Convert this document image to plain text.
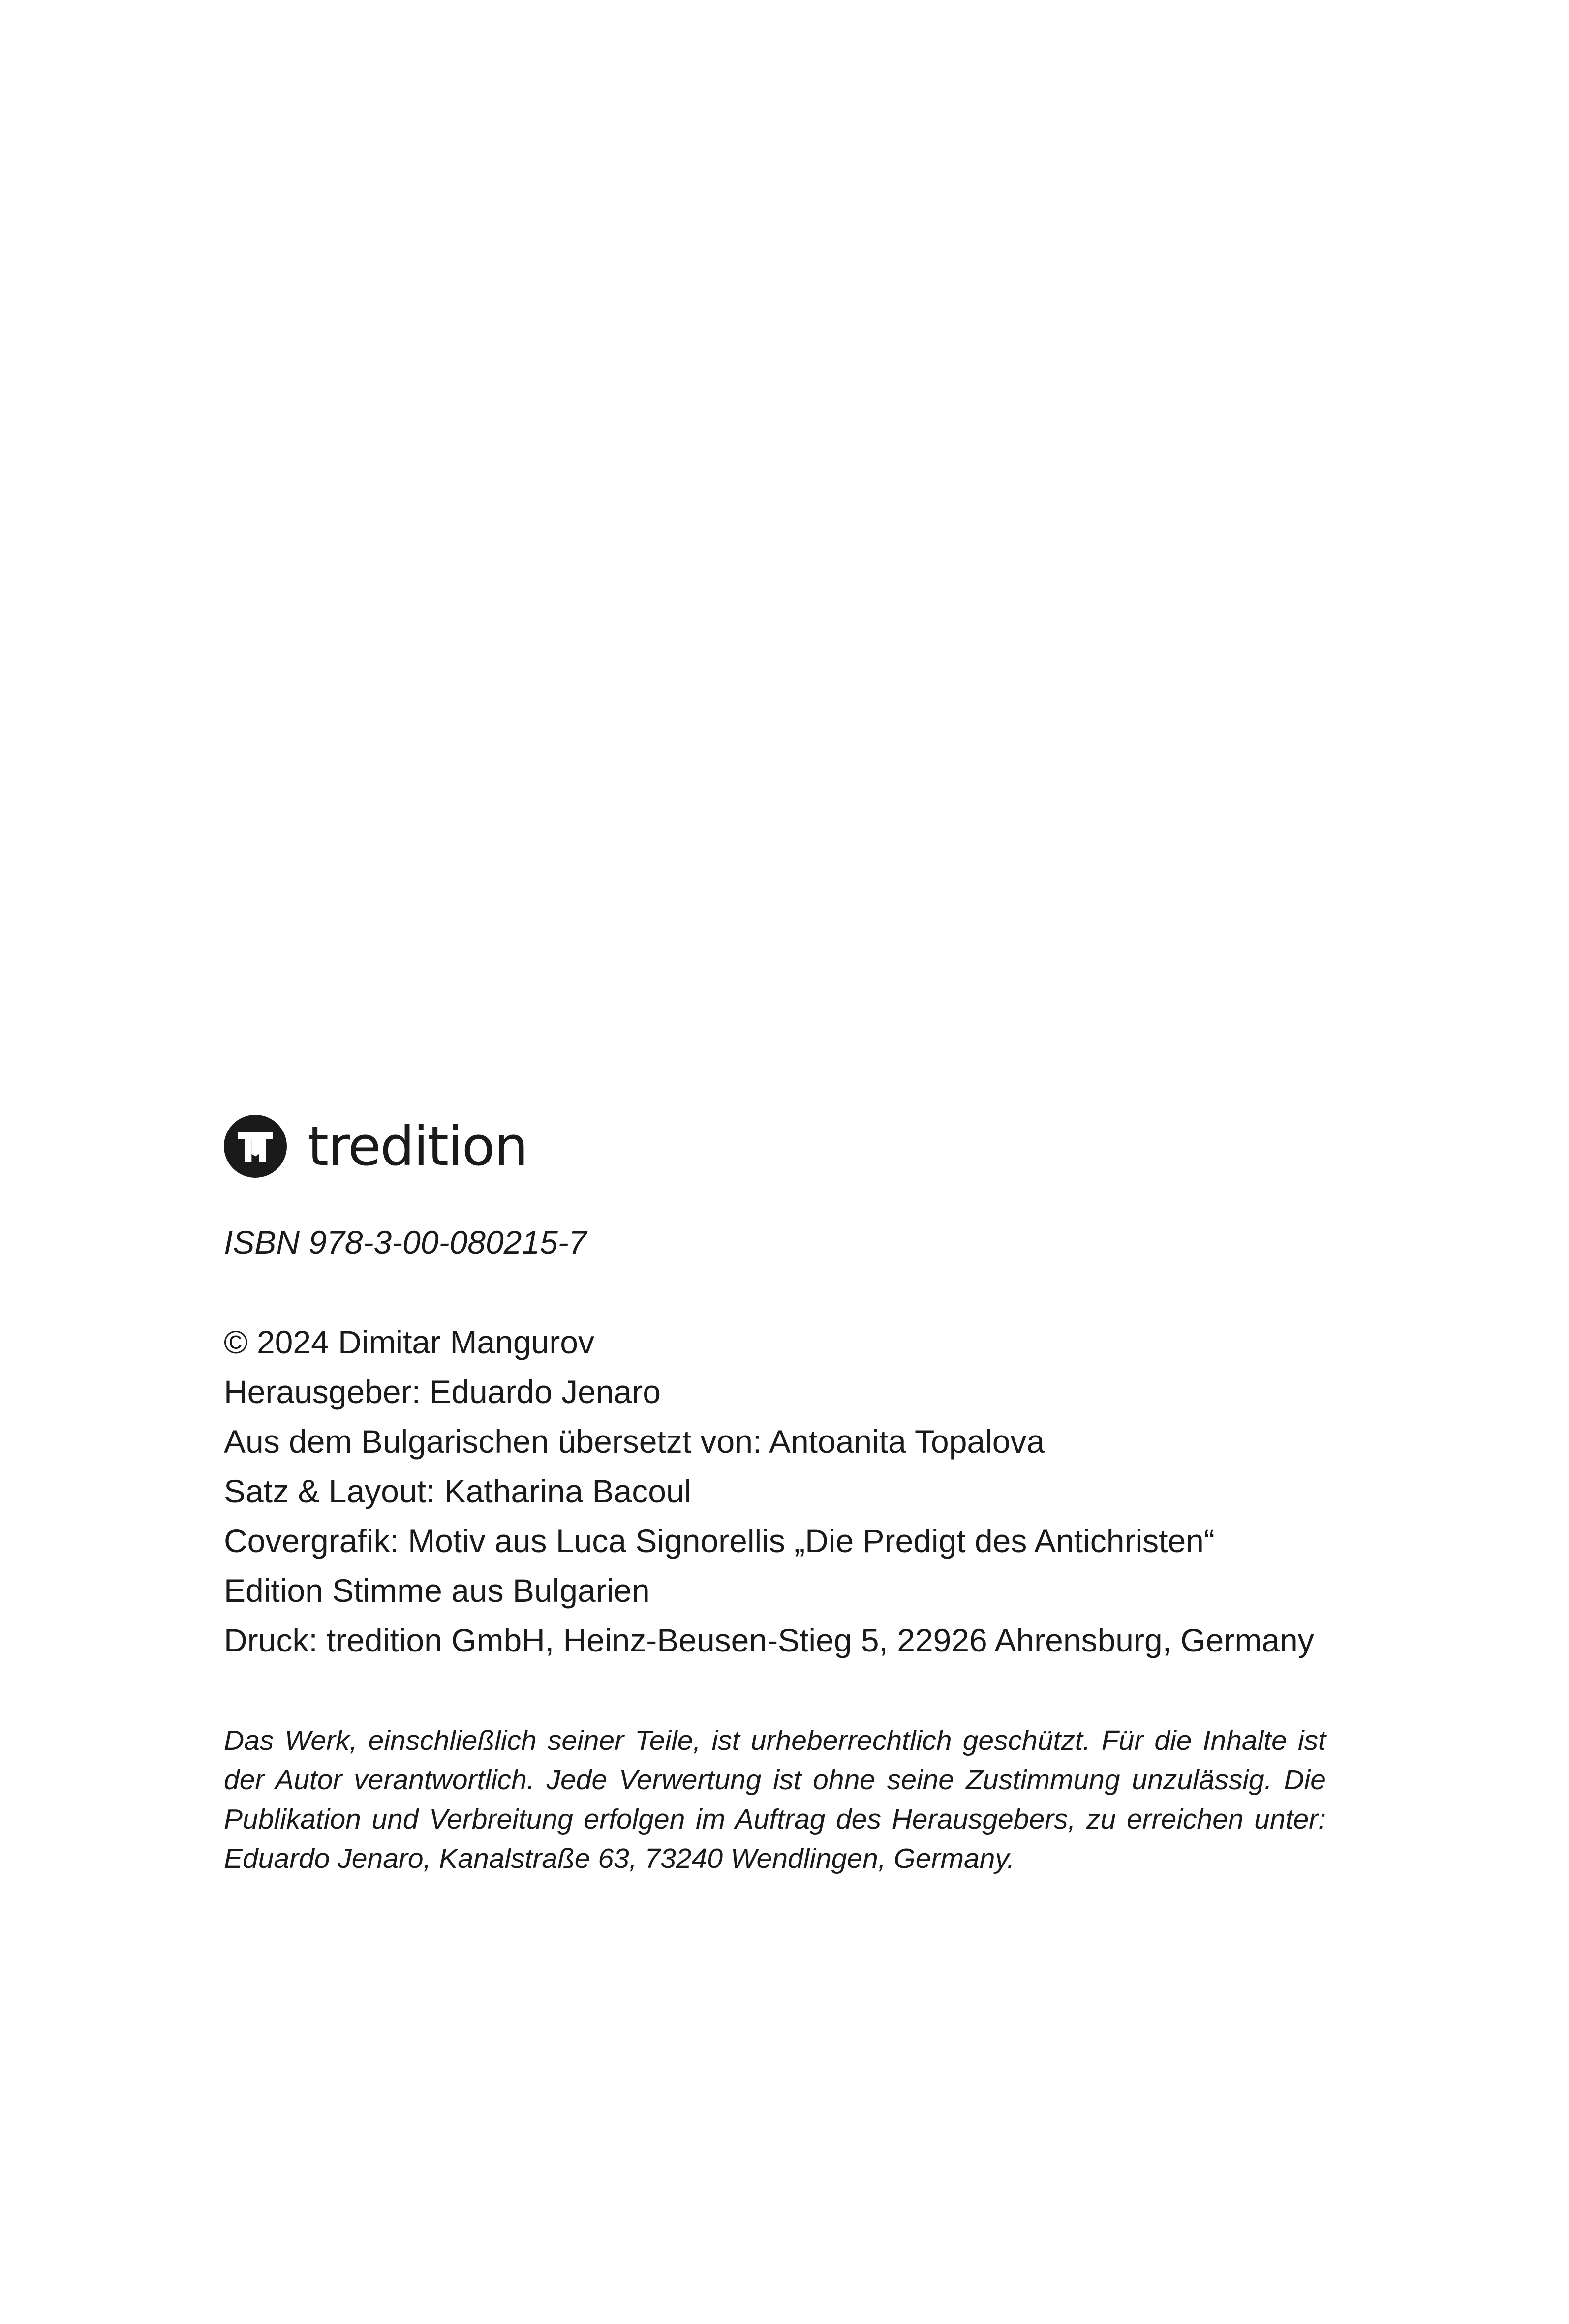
tredition
ISBN 978-3-00-080215-7
© 2024 Dimitar Mangurov
Herausgeber: Eduardo Jenaro
Aus dem Bulgarischen übersetzt von: Antoanita Topalova
Satz & Layout: Katharina Bacoul
Covergrafik: Motiv aus Luca Signorellis „Die Predigt des Antichristen“
Edition Stimme aus Bulgarien
Druck: tredition GmbH, Heinz-Beusen-Stieg 5, 22926 Ahrensburg, Germany
Das Werk, einschließlich seiner Teile, ist urheberrechtlich geschützt. Für die Inhalte ist der Autor verantwortlich. Jede Verwertung ist ohne seine Zustimmung unzulässig. Die Publikation und Verbreitung erfolgen im Auftrag des Herausgebers, zu erreichen unter: Eduardo Jenaro, Kanalstraße 63, 73240 Wendlingen, Germany.
